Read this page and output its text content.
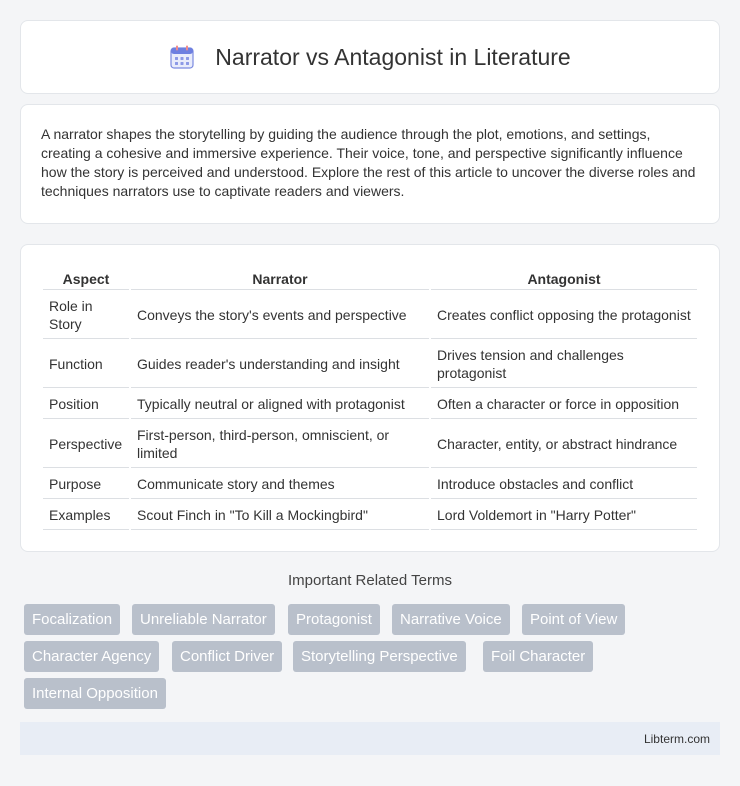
Narrator vs Antagonist in Literature

A narrator shapes the storytelling by guiding the audience through the plot, emotions, and settings, creating a cohesive and immersive experience. Their voice, tone, and perspective significantly influence how the story is perceived and understood. Explore the rest of this article to uncover the diverse roles and techniques narrators use to captivate readers and viewers.

Aspect	Narrator	Antagonist
Role in Story	Conveys the story's events and perspective	Creates conflict opposing the protagonist
Function	Guides reader's understanding and insight	Drives tension and challenges protagonist
Position	Typically neutral or aligned with protagonist	Often a character or force in opposition
Perspective	First-person, third-person, omniscient, or limited	Character, entity, or abstract hindrance
Purpose	Communicate story and themes	Introduce obstacles and conflict
Examples	Scout Finch in "To Kill a Mockingbird"	Lord Voldemort in "Harry Potter"
Important Related Terms
Focalization	Unreliable Narrator	Protagonist	Narrative Voice	Point of View
Character Agency	Conflict Driver	Storytelling Perspective	Foil Character
Internal Opposition
Libterm.com
